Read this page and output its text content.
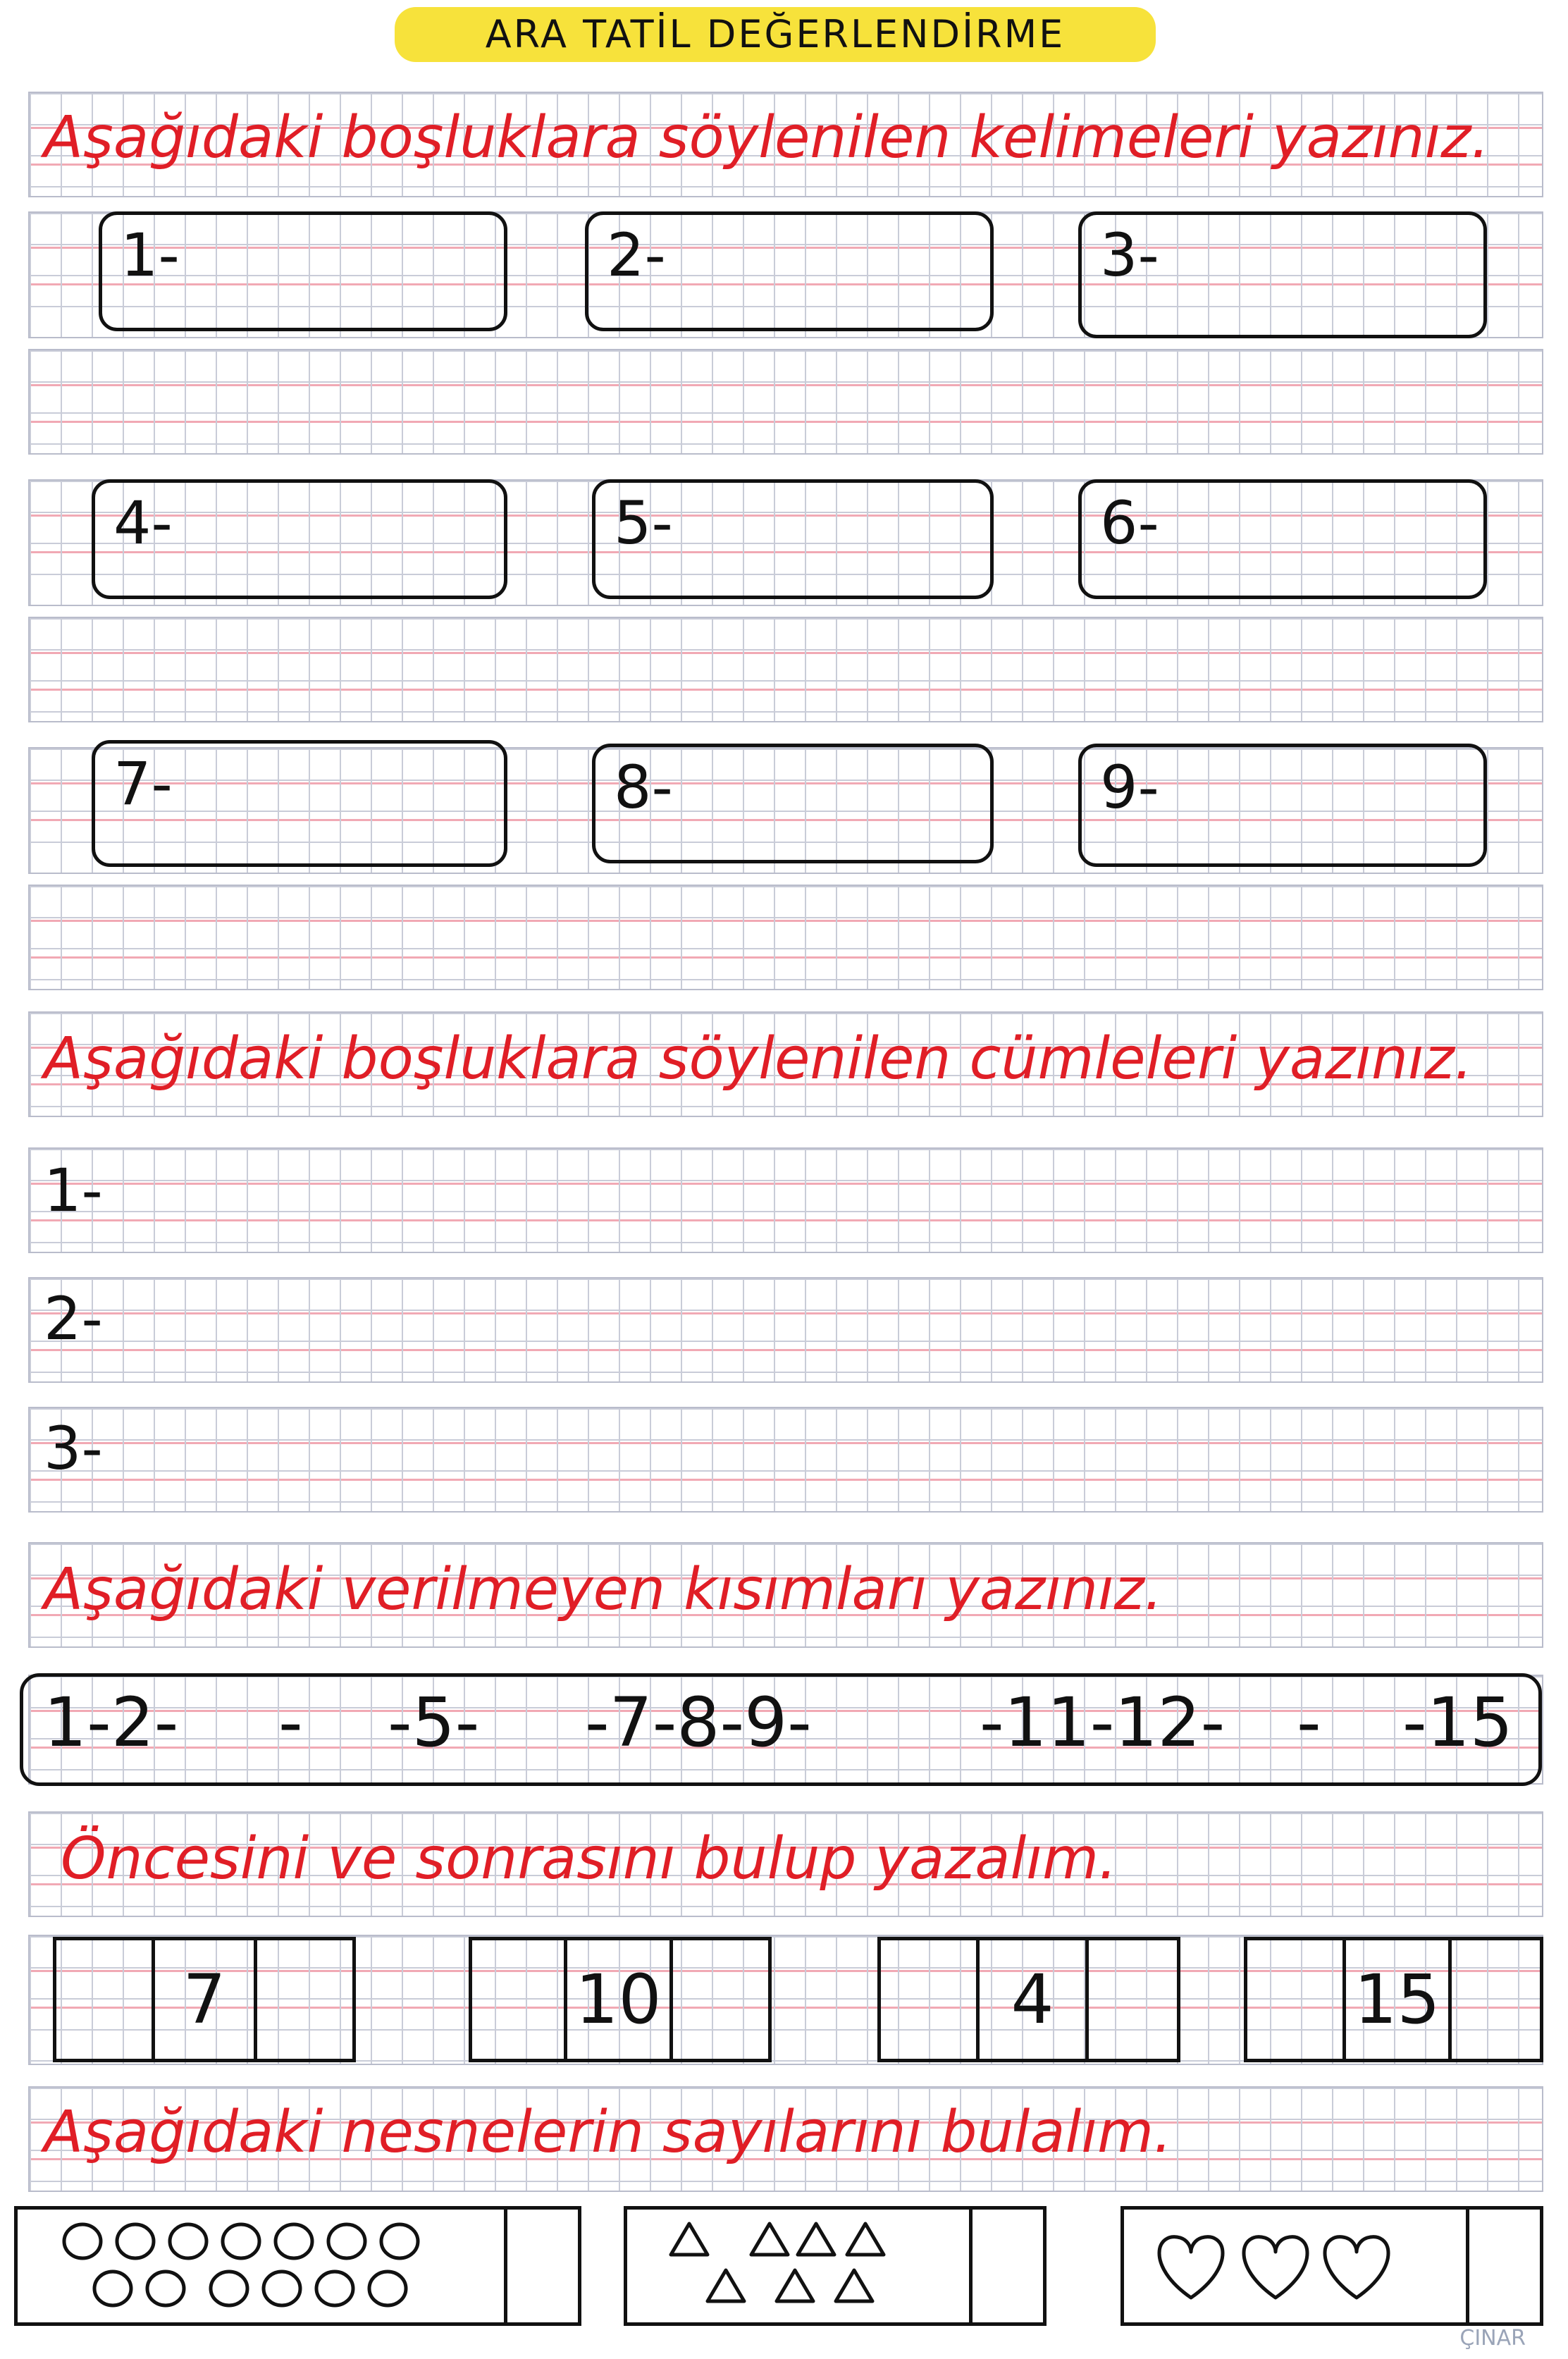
ARA TATİL DEĞERLENDİRME
Aşağıdaki boşluklara söylenilen kelimeleri yazınız.
1-	2-	3-
4-	5-	6-
7-	8-	9-
Aşağıdaki boşluklara söylenilen cümleleri yazınız.
1-
2-
3-
Aşağıdaki verilmeyen kısımları yazınız.
1-2- - -5- -7-8-9- -11-12- - -15
Öncesini ve sonrasını bulup yazalım.
7	10	4	15
Aşağıdaki nesnelerin sayılarını bulalım.
ÇINAR
